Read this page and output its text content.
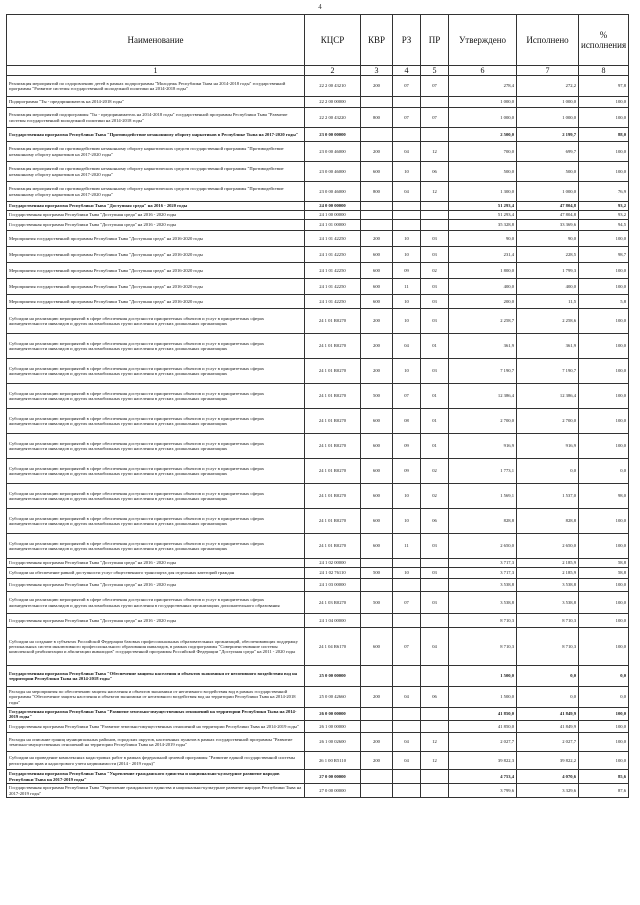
4
Наименование	КЦСР	КВР	РЗ	ПР	Утверждено	Исполнено	% исполнения
1	2	3	4	5	6	7	8
Реализация мероприятий по оздоровлению детей в рамках подпрограммы "Молодежь Республики Тыва на 2014-2018 годы" государственной программы "Развитие системы государственной молодежной политики на 2014-2018 годы"	22 2 00 43210	200	07	07	278,4	272,2	97,8
Подпрограмма "Ты - предприниматель на 2014-2018 годы"	22 2 00 00000				1 000,0	1 000,0	100,0
Реализация мероприятий подпрограммы "Ты - предприниматель на 2014-2018 годы" государственной программы Республики Тыва "Развитие системы государственной молодежной политики на 2014-2018 годы"	22 2 00 43220	800	07	07	1 000,0	1 000,0	100,0
Государственная программа Республики Тыва "Противодействие незаконному обороту наркотиков в Республике Тыва на 2017-2020 годы"	23 0 00 00000				2 500,0	2 199,7	88,0
Реализация мероприятий по противодействию незаконному обороту наркотических средств государственной программы "Противодействие незаконному обороту наркотиков на 2017-2020 годы"	23 0 00 46000	200	04	12	700,0	699,7	100,0
Реализация мероприятий по противодействию незаконному обороту наркотических средств государственной программы "Противодействие незаконному обороту наркотиков на 2017-2020 годы"	23 0 00 46000	600	10	06	500,0	500,0	100,0
Реализация мероприятий по противодействию незаконному обороту наркотических средств государственной программы "Противодействие незаконному обороту наркотиков на 2017-2020 годы"	23 0 00 46000	800	04	12	1 300,0	1 000,0	76,9
Государственная программа Республики Тыва "Доступная среда" на 2016 - 2020 годы	24 0 00 00000				51 293,4	47 804,8	93,2
Государственная программа Республики Тыва "Доступная среда" на 2016 - 2020 годы	24 1 00 00000				51 293,4	47 804,8	93,2
Государственная программа Республики Тыва "Доступная среда" на 2016 - 2020 годы	24 1 01 00000				35 328,8	33 369,6	94,5
Мероприятия государственной программы Республики Тыва "Доступная среда" на 2016-2020 годы	24 1 01 42250	200	10	03	90,0	90,0	100,0
Мероприятия государственной программы Республики Тыва "Доступная среда" на 2016-2020 годы	24 1 01 42250	600	10	03	231,4	228,5	98,7
Мероприятия государственной программы Республики Тыва "Доступная среда" на 2016-2020 годы	24 1 01 42250	600	09	02	1 800,0	1 799,3	100,0
Мероприятия государственной программы Республики Тыва "Доступная среда" на 2016-2020 годы	24 1 01 42250	600	11	03	400,0	400,0	100,0
Мероприятия государственной программы Республики Тыва "Доступная среда" на 2016-2020 годы	24 1 01 42250	600	10	03	200,0	11,5	5,8
Субсидии на реализацию мероприятий в сфере обеспечения доступности приоритетных объектов и услуг в приоритетных сферах жизнедеятельности инвалидов и других маломобильных групп населения в детских дошкольных организациях	24 1 01 R0270	200	10	03	2 258,7	2 258,6	100,0
Субсидии на реализацию мероприятий в сфере обеспечения доступности приоритетных объектов и услуг в приоритетных сферах жизнедеятельности инвалидов и других маломобильных групп населения в детских дошкольных организациях	24 1 01 R0270	200	04	01	361,9	361,9	100,0
Субсидии на реализацию мероприятий в сфере обеспечения доступности приоритетных объектов и услуг в приоритетных сферах жизнедеятельности инвалидов и других маломобильных групп населения в детских дошкольных организациях	24 1 01 R0270	200	10	03	7 190,7	7 190,7	100,0
Субсидии на реализацию мероприятий в сфере обеспечения доступности приоритетных объектов и услуг в приоритетных сферах жизнедеятельности инвалидов и других маломобильных групп населения в детских дошкольных организациях	24 1 01 R0270	500	07	01	12 386,4	12 386,4	100,0
Субсидии на реализацию мероприятий в сфере обеспечения доступности приоритетных объектов и услуг в приоритетных сферах жизнедеятельности инвалидов и других маломобильных групп населения в детских дошкольных организациях	24 1 01 R0270	600	08	01	2 700,0	2 700,0	100,0
Субсидии на реализацию мероприятий в сфере обеспечения доступности приоритетных объектов и услуг в приоритетных сферах жизнедеятельности инвалидов и других маломобильных групп населения в детских дошкольных организациях	24 1 01 R0270	600	09	01	916,9	916,9	100,0
Субсидии на реализацию мероприятий в сфере обеспечения доступности приоритетных объектов и услуг в приоритетных сферах жизнедеятельности инвалидов и других маломобильных групп населения в детских дошкольных организациях	24 1 01 R0270	600	09	02	1 773,1	0,0	0,0
Субсидии на реализацию мероприятий в сфере обеспечения доступности приоритетных объектов и услуг в приоритетных сферах жизнедеятельности инвалидов и других маломобильных групп населения в детских дошкольных организациях	24 1 01 R0270	600	10	02	1 569,1	1 537,0	98,0
Субсидии на реализацию мероприятий в сфере обеспечения доступности приоритетных объектов и услуг в приоритетных сферах жизнедеятельности инвалидов и других маломобильных групп населения в детских дошкольных организациях	24 1 01 R0270	600	10	06	828,8	828,8	100,0
Субсидии на реализацию мероприятий в сфере обеспечения доступности приоритетных объектов и услуг в приоритетных сферах жизнедеятельности инвалидов и других маломобильных групп населения в детских дошкольных организациях	24 1 01 R0270	600	11	03	2 650,0	2 650,0	100,0
Государственная программа Республики Тыва "Доступная среда" на 2016 - 2020 годы	24 1 02 00000				3 717,3	2 185,9	58,8
Субсидии на обеспечение равной доступности услуг общественного транспорта для отдельных категорий граждан	24 1 02 76110	500	10	03	3 717,3	2 185,9	58,8
Государственная программа Республики Тыва "Доступная среда" на 2016 - 2020 годы	24 1 03 00000				3 538,8	3 538,8	100,0
Субсидии на реализацию мероприятий в сфере обеспечения доступности приоритетных объектов и услуг в приоритетных сферах жизнедеятельности инвалидов и других маломобильных групп населения в государственных организациях дополнительного образования	24 1 03 R0270	500	07	03	3 538,8	3 538,8	100,0
Государственная программа Республики Тыва "Доступная среда" на 2016 - 2020 годы	24 1 04 00000				8 710,3	8 710,3	100,0
Субсидии на создание в субъектах Российской Федерации базовых профессиональных образовательных организаций, обеспечивающих поддержку региональных систем инклюзивного профессионального образования инвалидов, в рамках подпрограммы "Совершенствование системы комплексной реабилитации и абилитации инвалидов" государственной программы Российской Федерации "Доступная среда" на 2011 - 2020 годы	24 1 04 R6170	600	07	04	8 710,3	8 710,3	100,0
Государственная программа Республики Тыва "Обеспечение защиты населения и объектов экономики от негативного воздействия вод на территории Республики Тыва на 2014-2018 годы"	25 0 00 00000				1 500,0	0,0	0,0
Расходы на мероприятия по обеспечению защиты населения и объектов экономики от негативного воздействия вод в рамках государственной программы "Обеспечение защиты населения и объектов экономики от негативного воздействия вод на территории Республики Тыва на 2014-2018 годы"	25 0 00 42660	200	04	06	1 500,0	0,0	0,0
Государственная программа Республики Тыва "Развитие земельно-имущественных отношений на территории Республики Тыва на 2014-2019 годы"	26 0 00 00000				41 850,0	41 849,9	100,0
Государственная программа Республики Тыва "Развитие земельно-имущественных отношений на территории Республики Тыва на 2014-2019 годы"	26 1 00 00000				41 850,0	41 849,9	100,0
Расходы на описание границ муниципальных районов, городских округов, населенных пунктов в рамках государственной программы "Развитие земельно-имущественных отношений на территории Республики Тыва на 2014-2019 годы"	26 1 00 02600	200	04	12	2 027,7	2 027,7	100,0
Субсидии на проведение комплексных кадастровых работ в рамках федеральной целевой программы "Развитие единой государственной системы регистрации прав и кадастрового учета недвижимости (2014 - 2019 годы)"	26 1 00 R5110	200	04	12	39 822,3	39 822,2	100,0
Государственная программа Республики Тыва "Укрепление гражданского единства и национально-культурное развитие народов Республики Тыва на 2017-2019 годы"	27 0 00 00000				4 753,4	4 070,6	85,6
Государственная программа Республики Тыва "Укрепление гражданского единства и национально-культурное развитие народов Республики Тыва на 2017-2019 годы"	27 0 00 00000				3 799,6	3 329,6	87,6
